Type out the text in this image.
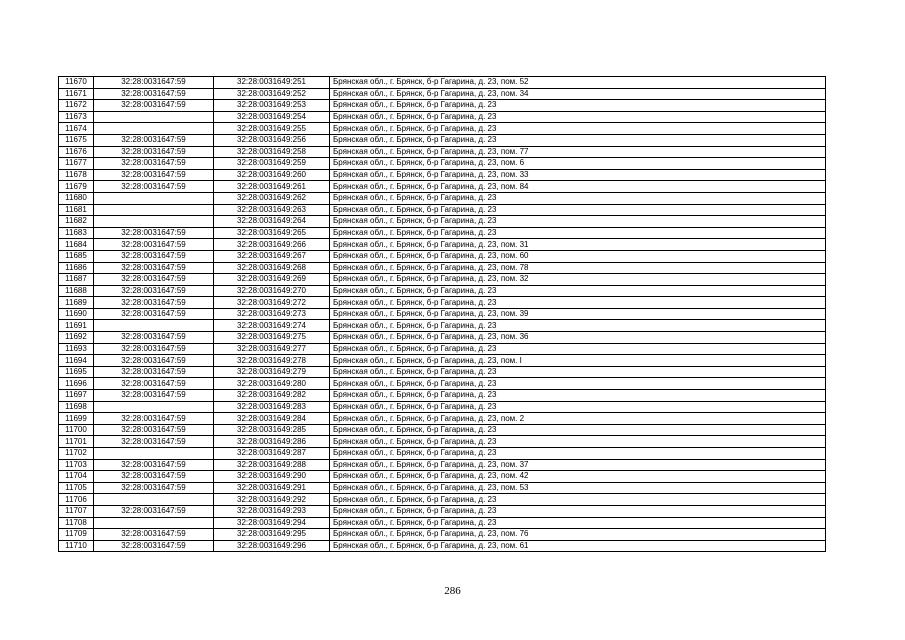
11670	32:28:0031647:59	32:28:0031649:251	Брянская обл., г. Брянск, б-р Гагарина, д. 23, пом. 52
11671	32:28:0031647:59	32:28:0031649:252	Брянская обл., г. Брянск, б-р Гагарина, д. 23, пом. 34
11672	32:28:0031647:59	32:28:0031649:253	Брянская обл., г. Брянск, б-р Гагарина, д. 23
11673		32:28:0031649:254	Брянская обл., г. Брянск, б-р Гагарина, д. 23
11674		32:28:0031649:255	Брянская обл., г. Брянск, б-р Гагарина, д. 23
11675	32:28:0031647:59	32:28:0031649:256	Брянская обл., г. Брянск, б-р Гагарина, д. 23
11676	32:28:0031647:59	32:28:0031649:258	Брянская обл., г. Брянск, б-р Гагарина, д. 23, пом. 77
11677	32:28:0031647:59	32:28:0031649:259	Брянская обл., г. Брянск, б-р Гагарина, д. 23, пом. 6
11678	32:28:0031647:59	32:28:0031649:260	Брянская обл., г. Брянск, б-р Гагарина, д. 23, пом. 33
11679	32:28:0031647:59	32:28:0031649:261	Брянская обл., г. Брянск, б-р Гагарина, д. 23, пом. 84
11680		32:28:0031649:262	Брянская обл., г. Брянск, б-р Гагарина, д. 23
11681		32:28:0031649:263	Брянская обл., г. Брянск, б-р Гагарина, д. 23
11682		32:28:0031649:264	Брянская обл., г. Брянск, б-р Гагарина, д. 23
11683	32:28:0031647:59	32:28:0031649:265	Брянская обл., г. Брянск, б-р Гагарина, д. 23
11684	32:28:0031647:59	32:28:0031649:266	Брянская обл., г. Брянск, б-р Гагарина, д. 23, пом. 31
11685	32:28:0031647:59	32:28:0031649:267	Брянская обл., г. Брянск, б-р Гагарина, д. 23, пом. 60
11686	32:28:0031647:59	32:28:0031649:268	Брянская обл., г. Брянск, б-р Гагарина, д. 23, пом. 78
11687	32:28:0031647:59	32:28:0031649:269	Брянская обл., г. Брянск, б-р Гагарина, д. 23, пом. 32
11688	32:28:0031647:59	32:28:0031649:270	Брянская обл., г. Брянск, б-р Гагарина, д. 23
11689	32:28:0031647:59	32:28:0031649:272	Брянская обл., г. Брянск, б-р Гагарина, д. 23
11690	32:28:0031647:59	32:28:0031649:273	Брянская обл., г. Брянск, б-р Гагарина, д. 23, пом. 39
11691		32:28:0031649:274	Брянская обл., г. Брянск, б-р Гагарина, д. 23
11692	32:28:0031647:59	32:28:0031649:275	Брянская обл., г. Брянск, б-р Гагарина, д. 23, пом. 36
11693	32:28:0031647:59	32:28:0031649:277	Брянская обл., г. Брянск, б-р Гагарина, д. 23
11694	32:28:0031647:59	32:28:0031649:278	Брянская обл., г. Брянск, б-р Гагарина, д. 23, пом. I
11695	32:28:0031647:59	32:28:0031649:279	Брянская обл., г. Брянск, б-р Гагарина, д. 23
11696	32:28:0031647:59	32:28:0031649:280	Брянская обл., г. Брянск, б-р Гагарина, д. 23
11697	32:28:0031647:59	32:28:0031649:282	Брянская обл., г. Брянск, б-р Гагарина, д. 23
11698		32:28:0031649:283	Брянская обл., г. Брянск, б-р Гагарина, д. 23
11699	32:28:0031647:59	32:28:0031649:284	Брянская обл., г. Брянск, б-р Гагарина, д. 23, пом. 2
11700	32:28:0031647:59	32:28:0031649:285	Брянская обл., г. Брянск, б-р Гагарина, д. 23
11701	32:28:0031647:59	32:28:0031649:286	Брянская обл., г. Брянск, б-р Гагарина, д. 23
11702		32:28:0031649:287	Брянская обл., г. Брянск, б-р Гагарина, д. 23
11703	32:28:0031647:59	32:28:0031649:288	Брянская обл., г. Брянск, б-р Гагарина, д. 23, пом. 37
11704	32:28:0031647:59	32:28:0031649:290	Брянская обл., г. Брянск, б-р Гагарина, д. 23, пом. 42
11705	32:28:0031647:59	32:28:0031649:291	Брянская обл., г. Брянск, б-р Гагарина, д. 23, пом. 53
11706		32:28:0031649:292	Брянская обл., г. Брянск, б-р Гагарина, д. 23
11707	32:28:0031647:59	32:28:0031649:293	Брянская обл., г. Брянск, б-р Гагарина, д. 23
11708		32:28:0031649:294	Брянская обл., г. Брянск, б-р Гагарина, д. 23
11709	32:28:0031647:59	32:28:0031649:295	Брянская обл., г. Брянск, б-р Гагарина, д. 23, пом. 76
11710	32:28:0031647:59	32:28:0031649:296	Брянская обл., г. Брянск, б-р Гагарина, д. 23, пом. 61
286
